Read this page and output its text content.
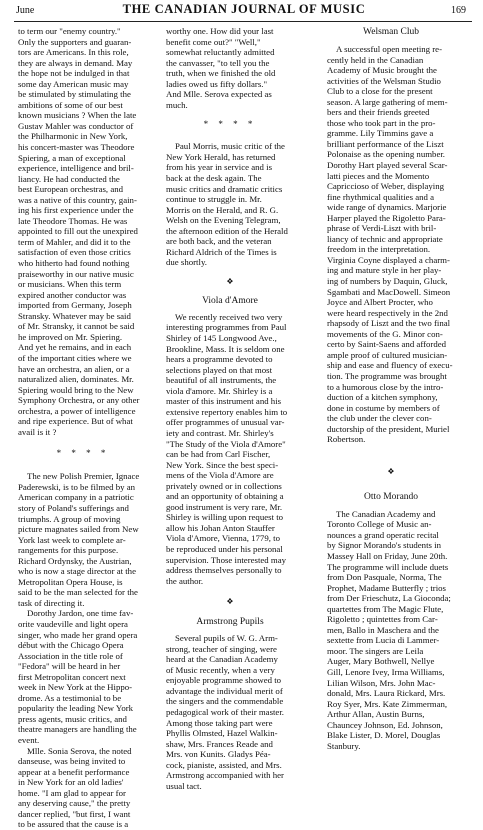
June	THE CANADIAN JOURNAL OF MUSIC	169

to term our "enemy country."

Only the supporters and guaran-

tors are Americans. In this role,

they are always in demand. May

the hope not be indulged in that

some day American music may

be stimulated by stimulating the

ambitions of some of our best

known musicians ? When the late

Gustav Mahler was conductor of

the Philharmonic in New York,

his concert-master was Theodore

Spiering, a man of exceptional

experience, intelligence and bril-

liancy. He had conducted the

best European orchestras, and

was a native of this country, gain-

ing his first experience under the

late Theodore Thomas. He was

appointed to fill out the unexpired

term of Mahler, and did it to the

satisfaction of even those critics

who hitherto had found nothing

praiseworthy in our native music

or musicians. When this term

expired another conductor was

imported from Germany, Joseph

Stransky. Whatever may be said

of Mr. Stransky, it cannot be said

he improved on Mr. Spiering.

And yet he remains, and in each

of the important cities where we

have an orchestra, an alien, or a

naturalized alien, dominates. Mr.

Spiering would bring to the New

Symphony Orchestra, or any other

orchestra, a power of intelligence

and ripe experience. But of what

avail is it ?

* * * *

The new Polish Premier, Ignace

Paderewski, is to be filmed by an

American company in a patriotic

story of Poland's sufferings and

triumphs. A group of moving

picture magnates sailed from New

York last week to complete ar-

rangements for this purpose.

Richard Ordynsky, the Austrian,

who is now a stage director at the

Metropolitan Opera House, is

said to be the man selected for the

task of directing it.

Dorothy Jardon, one time fav-

orite vaudeville and light opera

singer, who made her grand opera

début with the Chicago Opera

Association in the title role of

"Fedora" will be heard in her

first Metropolitan concert next

week in New York at the Hippo-

drome. As a testimonial to be

popularity the leading New York

press agents, music critics, and

theatre managers are handling the

event.

Mlle. Sonia Serova, the noted

danseuse, was being invited to

appear at a benefit performance

in New York for an old ladies'

home. "I am glad to appear for

any deserving cause," the pretty

dancer replied, "but first, I want

to be assured that the cause is a

worthy one. How did your last

benefit come out?" "Well,"

somewhat reluctantly admitted

the canvasser, "to tell you the

truth, when we finished the old

ladies owed us fifty dollars."

And Mlle. Serova expected as

much.

* * * *

Paul Morris, music critic of the

New York Herald, has returned

from his year in service and is

back at the desk again. The

music critics and dramatic critics

continue to struggle in. Mr.

Morris on the Herald, and R. G.

Welsh on the Evening Telegram,

the afternoon edition of the Herald

are both back, and the veteran

Richard Aldrich of the Times is

due shortly.

❖
Viola d'Amore

We recently received two very

interesting programmes from Paul

Shirley of 145 Longwood Ave.,

Brookline, Mass. It is seldom one

hears a programme devoted to

selections played on that most

beautiful of all instruments, the

viola d'amore. Mr. Shirley is a

master of this instrument and his

extensive repertory enables him to

offer programmes of unusual var-

iety and contrast. Mr. Shirley's

"The Study of the Viola d'Amore"

can be had from Carl Fischer,

New York. Since the best speci-

mens of the Viola d'Amore are

privately owned or in collections

and an opportunity of obtaining a

good instrument is very rare, Mr.

Shirley is willing upon request to

allow his Johan Anton Stauffer

Viola d'Amore, Vienna, 1779, to

be reproduced under his personal

supervision. Those interested may

address themselves personally to

the author.

❖
Armstrong Pupils

Several pupils of W. G. Arm-

strong, teacher of singing, were

heard at the Canadian Academy

of Music recently, when a very

enjoyable programme showed to

advantage the individual merit of

the singers and the commendable

pedagogical work of their master.

Among those taking part were

Phyllis Olmsted, Hazel Walkin-

shaw, Mrs. Frances Reade and

Mrs. von Kunits. Gladys Péa-

cock, pianiste, assisted, and Mrs.

Armstrong accompanied with her

usual tact.

Welsman Club

A successful open meeting re-

cently held in the Canadian

Academy of Music brought the

activities of the Welsman Studio

Club to a close for the present

season. A large gathering of mem-

bers and their friends greeted

those who took part in the pro-

gramme. Lily Timmins gave a

brilliant performance of the Liszt

Polonaise as the opening number.

Dorothy Hart played several Scar-

latti pieces and the Momento

Capriccioso of Weber, displaying

fine rhythmical qualities and a

wide range of dynamics. Marjorie

Harper played the Rigoletto Para-

phrase of Verdi-Liszt with bril-

liancy of technic and appropriate

freedom in the interpretation.

Virginia Coyne displayed a charm-

ing and mature style in her play-

ing of numbers by Daquin, Gluck,

Sgambati and MacDowell. Simeon

Joyce and Albert Procter, who

were heard respectively in the 2nd

rhapsody of Liszt and the two final

movements of the G. Minor con-

certo by Saint-Saens and afforded

ample proof of cultured musician-

ship and ease and fluency of execu-

tion. The programme was brought

to a humorous close by the intro-

duction of a kitchen symphony,

done in costume by members of

the club under the clever con-

ductorship of the president, Muriel

Robertson.

❖
Otto Morando

The Canadian Academy and

Toronto College of Music an-

nounces a grand operatic recital

by Signor Morando's students in

Massey Hall on Friday, June 20th.

The programme will include duets

from Don Pasquale, Norma, The

Prophet, Madame Butterfly ; trios

from Der Frieschutz, La Gioconda;

quartettes from The Magic Flute,

Rigoletto ; quintettes from Car-

men, Ballo in Maschera and the

sextette from Lucia di Lammer-

moor. The singers are Leila

Auger, Mary Bothwell, Nellye

Gill, Lenore Ivey, Irma Williams,

Lilian Wilson, Mrs. John Mac-

donald, Mrs. Laura Rickard, Mrs.

Roy Syer, Mrs. Kate Zimmerman,

Arthur Allan, Austin Burns,

Chauncey Johnson, Ed. Johnson,

Blake Lister, D. Morel, Douglas

Stanbury.
